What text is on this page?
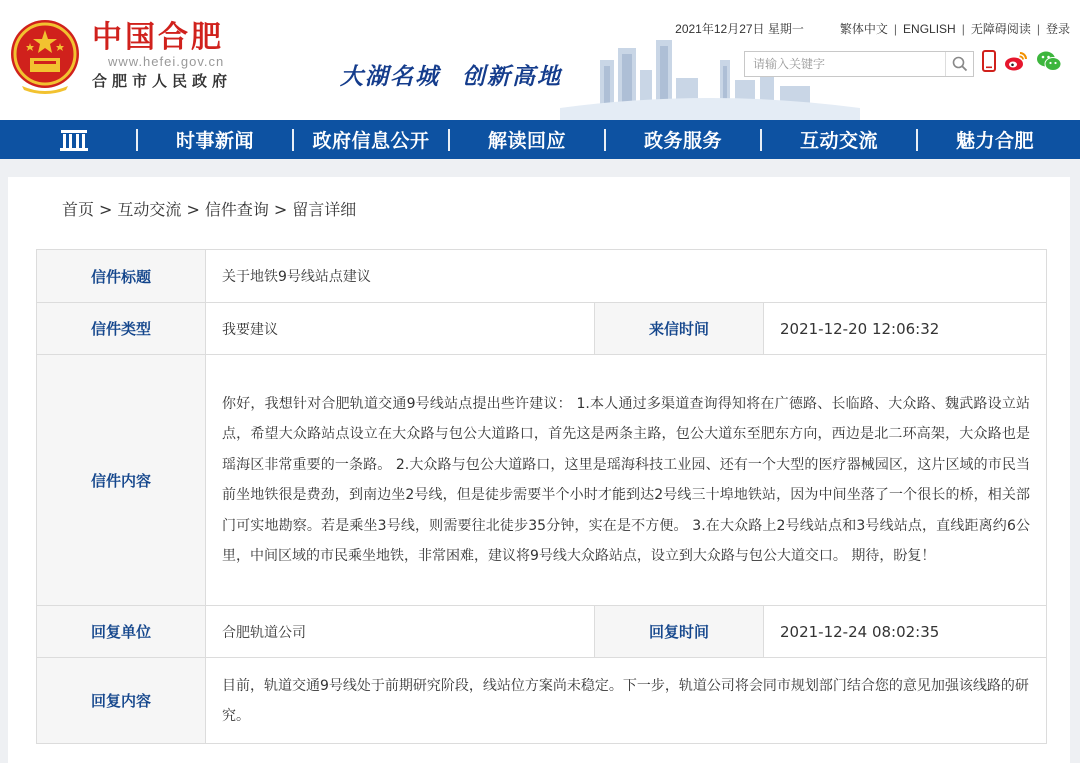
中国合肥
www.hefei.gov.cn
合肥市人民政府	大湖名城 创新高地
2021年12月27日 星期一	繁体中文 | ENGLISH | 无障碍阅读 | 登录
请输入关键字
时事新闻	政府信息公开	解读回应	政务服务	互动交流	魅力合肥
首页 > 互动交流 > 信件查询 > 留言详细
信件标题	关于地铁9号线站点建议		
信件类型	我要建议	来信时间	2021-12-20 12:06:32
信件内容	你好，我想针对合肥轨道交通9号线站点提出些许建议： 1.本人通过多渠道查询得知将在广德路、长临路、大众路、魏武路设立站点，希望大众路站点设立在大众路与包公大道路口，首先这是两条主路，包公大道东至肥东方向，西边是北二环高架，大众路也是瑶海区非常重要的一条路。 2.大众路与包公大道路口，这里是瑶海科技工业园、还有一个大型的医疗器械园区，这片区域的市民当前坐地铁很是费劲，到南边坐2号线，但是徒步需要半个小时才能到达2号线三十埠地铁站，因为中间坐落了一个很长的桥，相关部门可实地勘察。若是乘坐3号线，则需要往北徒步35分钟，实在是不方便。 3.在大众路上2号线站点和3号线站点，直线距离约6公里，中间区域的市民乘坐地铁，非常困难，建议将9号线大众路站点，设立到大众路与包公大道交口。 期待，盼复！		
回复单位	合肥轨道公司	回复时间	2021-12-24 08:02:35
回复内容	目前，轨道交通9号线处于前期研究阶段，线站位方案尚未稳定。下一步，轨道公司将会同市规划部门结合您的意见加强该线路的研究。		
